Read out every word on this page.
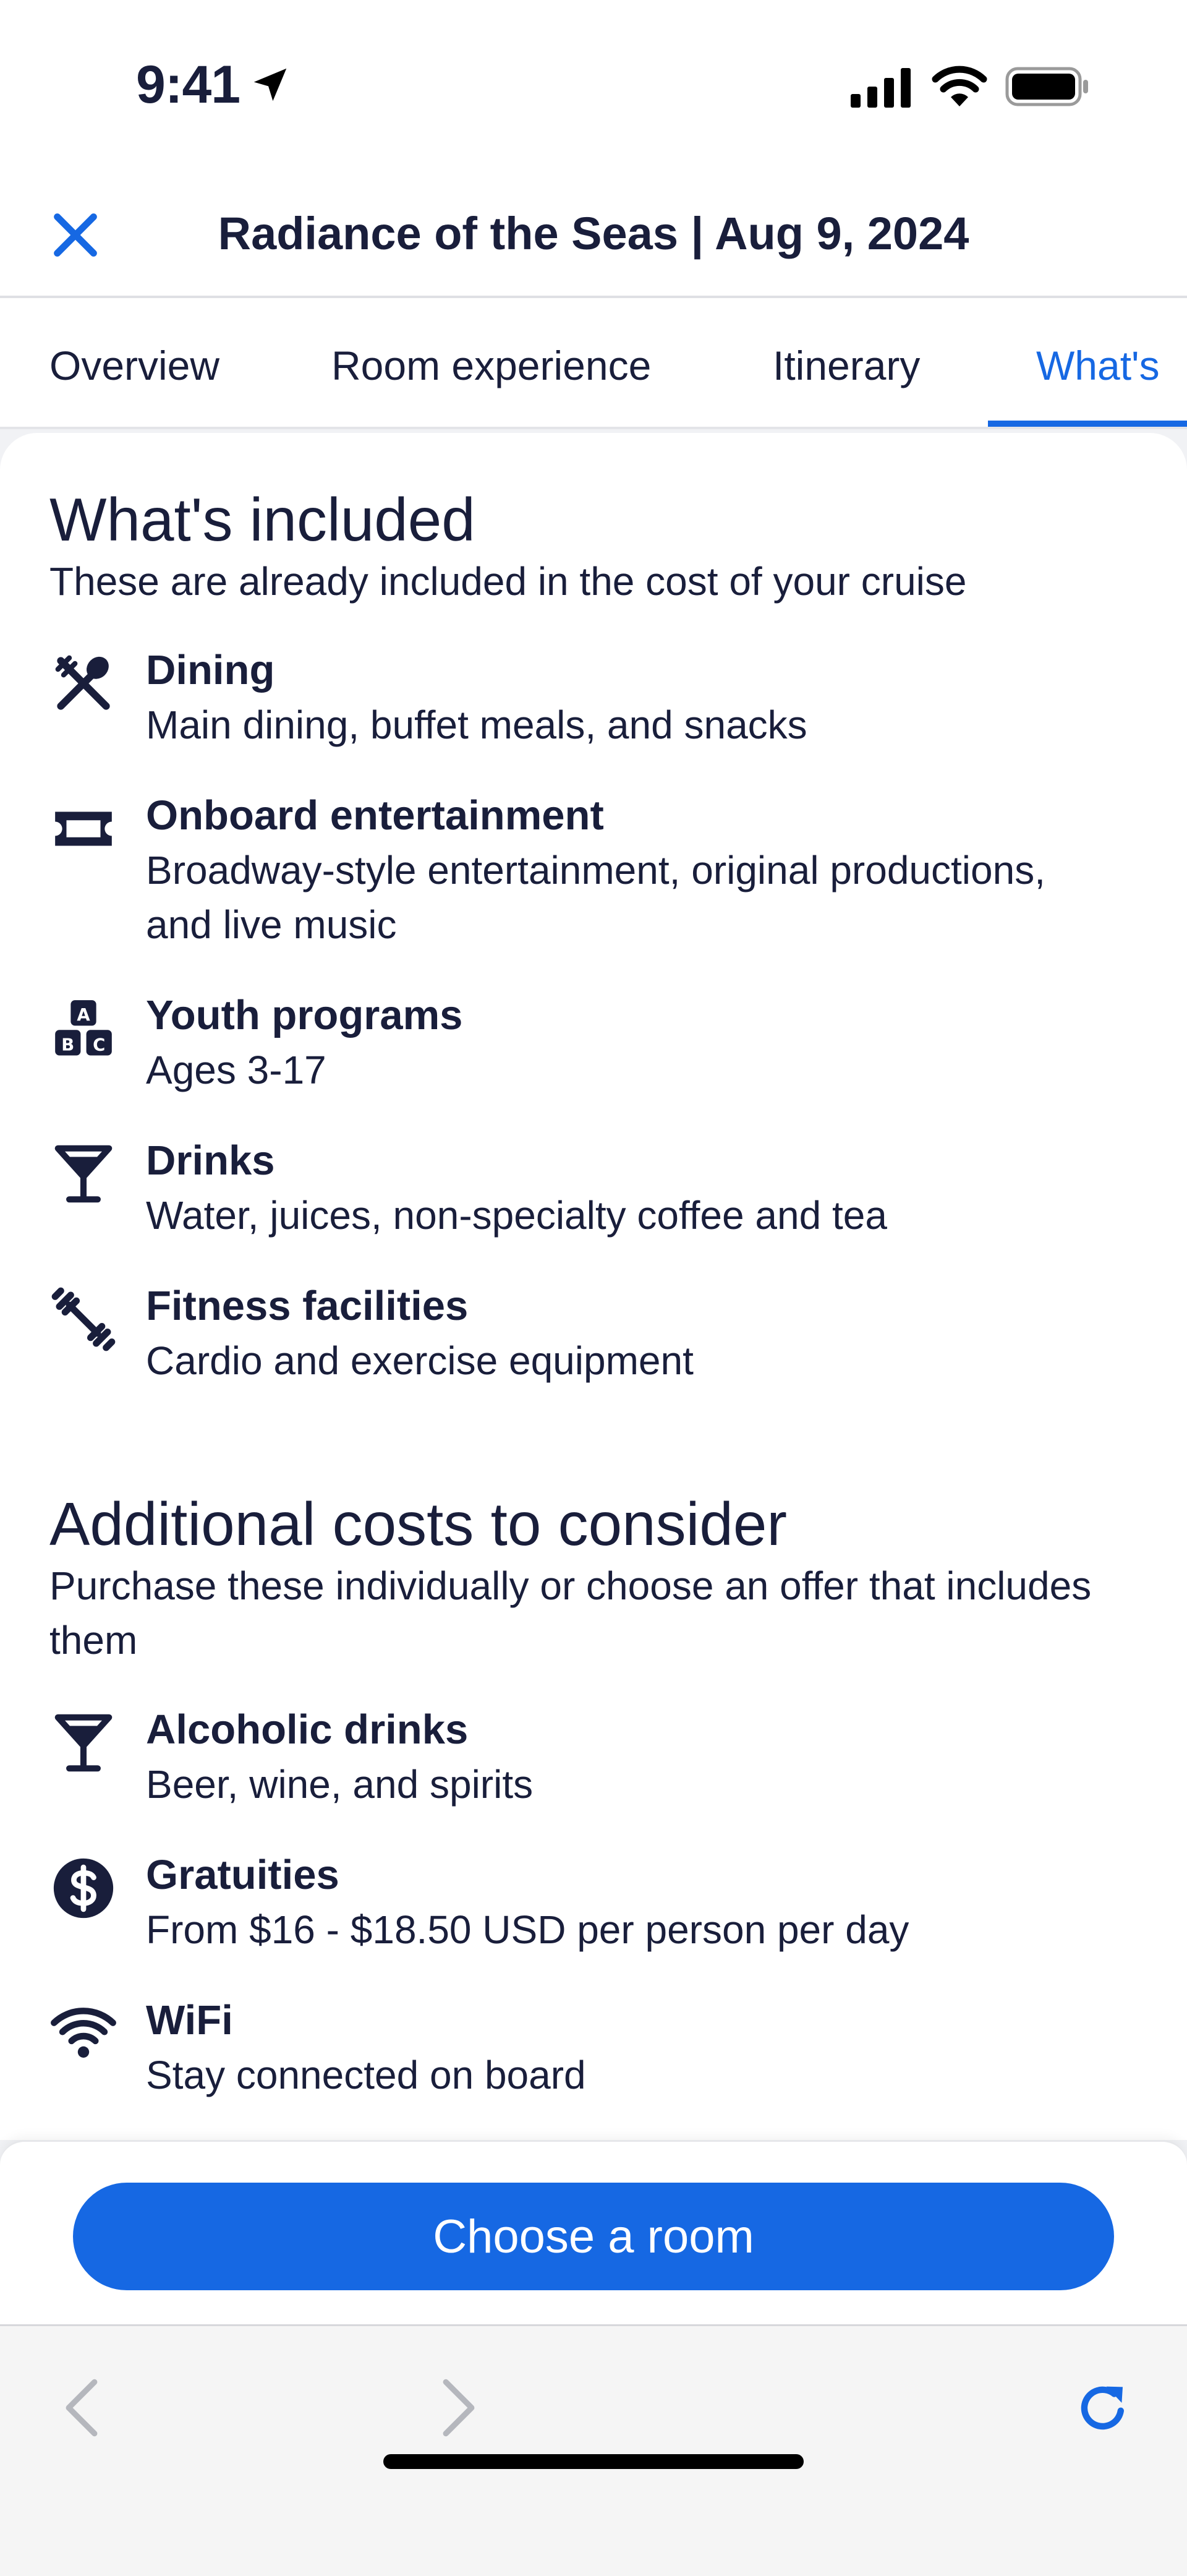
9:41
Radiance of the Seas | Aug 9, 2024
Overview	Room experience	Itinerary	What's
What's included
These are already included in the cost of your cruise
Dining
Main dining, buffet meals, and snacks
Onboard entertainment
Broadway-style entertainment, original productions, and live music
A
B	C
Youth programs
Ages 3-17
Drinks
Water, juices, non-specialty coffee and tea
Fitness facilities
Cardio and exercise equipment
Additional costs to consider
Purchase these individually or choose an offer that includes them
Alcoholic drinks
Beer, wine, and spirits
Gratuities
From $16 - $18.50 USD per person per day
WiFi
Stay connected on board
Choose a room
